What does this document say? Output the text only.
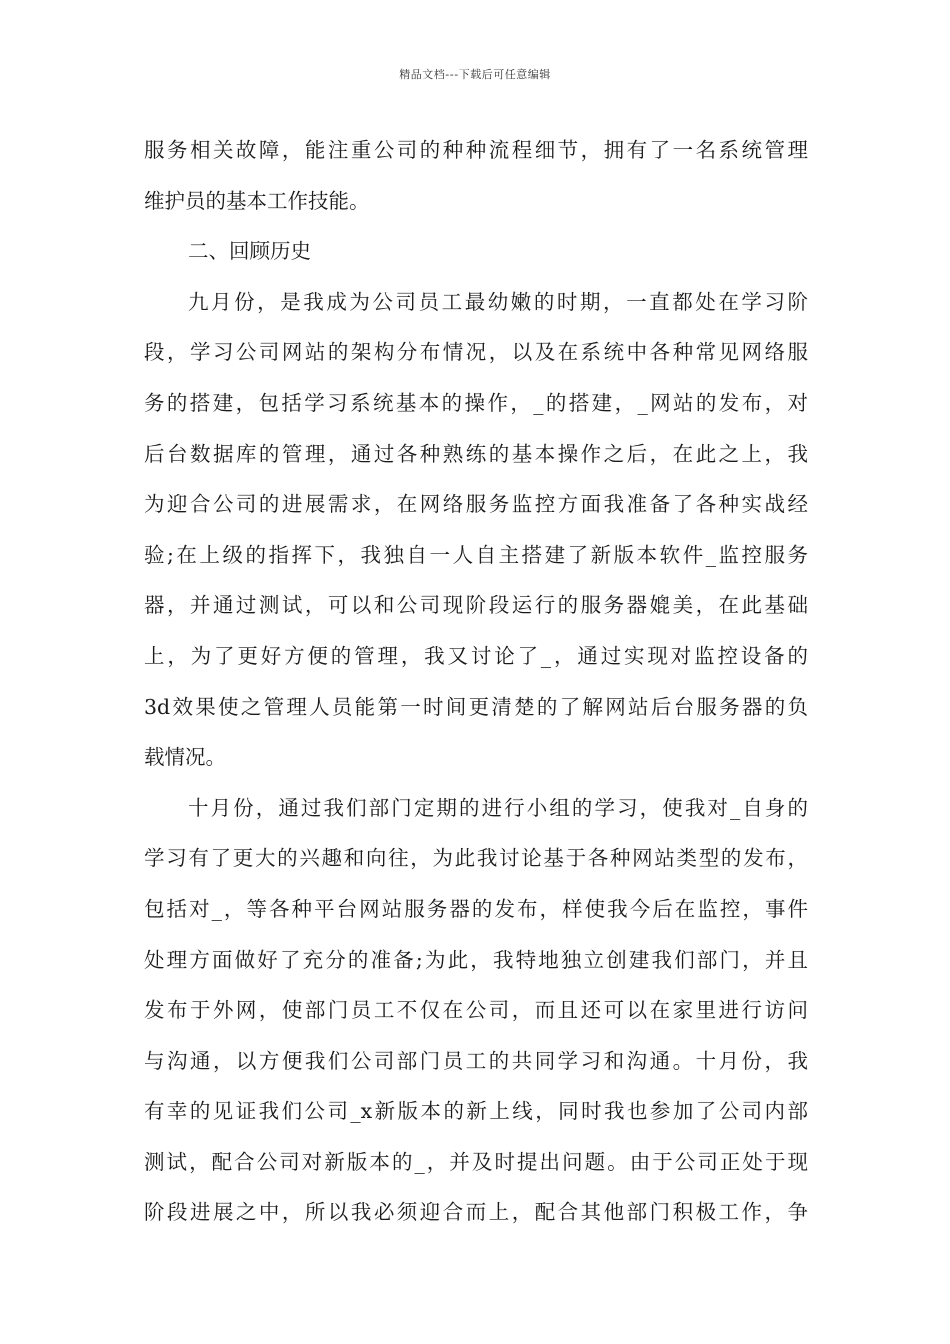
精品文档---下载后可任意编辑
服务相关故障，能注重公司的种种流程细节，拥有了一名系统管理
维护员的基本工作技能。
二、回顾历史
九月份，是我成为公司员工最幼嫩的时期，一直都处在学习阶
段，学习公司网站的架构分布情况，以及在系统中各种常见网络服
务的搭建，包括学习系统基本的操作，_的搭建，_网站的发布，对
后台数据库的管理，通过各种熟练的基本操作之后，在此之上，我
为迎合公司的进展需求，在网络服务监控方面我准备了各种实战经
验;在上级的指挥下，我独自一人自主搭建了新版本软件_监控服务
器，并通过测试，可以和公司现阶段运行的服务器媲美，在此基础
上，为了更好方便的管理，我又讨论了_，通过实现对监控设备的
3d效果使之管理人员能第一时间更清楚的了解网站后台服务器的负
载情况。
十月份，通过我们部门定期的进行小组的学习，使我对_自身的
学习有了更大的兴趣和向往，为此我讨论基于各种网站类型的发布，
包括对_，等各种平台网站服务器的发布，样使我今后在监控，事件
处理方面做好了充分的准备;为此，我特地独立创建我们部门，并且
发布于外网，使部门员工不仅在公司，而且还可以在家里进行访问
与沟通，以方便我们公司部门员工的共同学习和沟通。十月份，我
有幸的见证我们公司_x新版本的新上线，同时我也参加了公司内部
测试，配合公司对新版本的_，并及时提出问题。由于公司正处于现
阶段进展之中，所以我必须迎合而上，配合其他部门积极工作，争
